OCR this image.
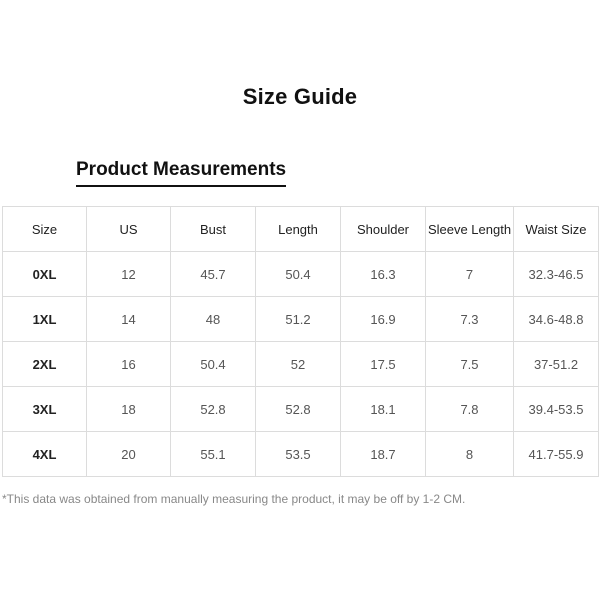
Size Guide
Product Measurements
Size	US	Bust	Length	Shoulder	Sleeve Length	Waist Size
0XL	12	45.7	50.4	16.3	7	32.3-46.5
1XL	14	48	51.2	16.9	7.3	34.6-48.8
2XL	16	50.4	52	17.5	7.5	37-51.2
3XL	18	52.8	52.8	18.1	7.8	39.4-53.5
4XL	20	55.1	53.5	18.7	8	41.7-55.9
*This data was obtained from manually measuring the product, it may be off by 1-2 CM.
